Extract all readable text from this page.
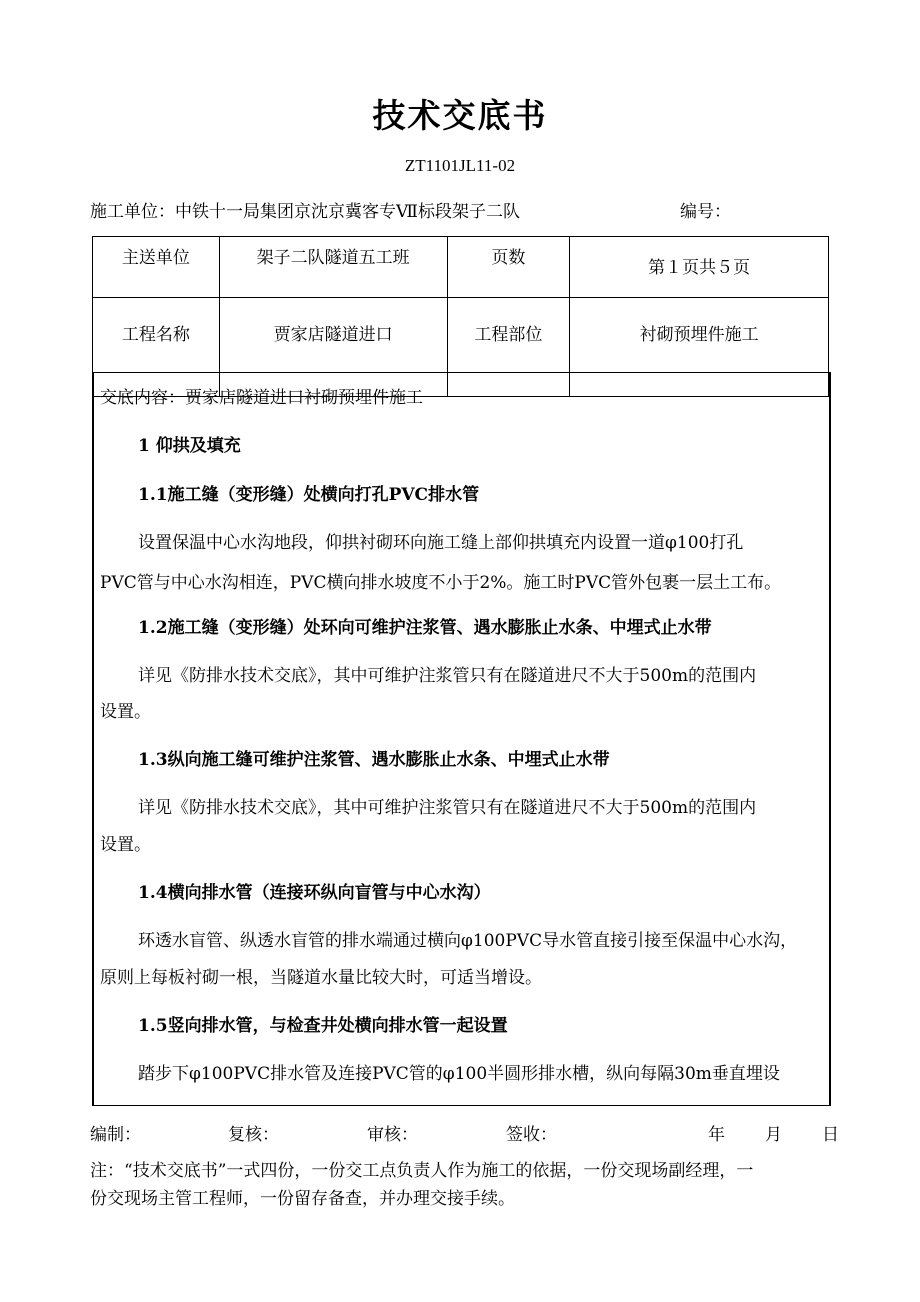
技术交底书
ZT1101JL11-02
施工单位：中铁十一局集团京沈京冀客专Ⅶ标段架子二队	编号：
主送单位	架子二队隧道五工班	页数	第１页共５页
工程名称	贾家店隧道进口	工程部位	衬砌预埋件施工
交底内容：贾家店隧道进口衬砌预埋件施工
1 仰拱及填充
1.1施工缝（变形缝）处横向打孔PVC排水管
设置保温中心水沟地段，仰拱衬砌环向施工缝上部仰拱填充内设置一道φ100打孔
PVC管与中心水沟相连，PVC横向排水坡度不小于2%。施工时PVC管外包裹一层土工布。
1.2施工缝（变形缝）处环向可维护注浆管、遇水膨胀止水条、中埋式止水带
详见《防排水技术交底》，其中可维护注浆管只有在隧道进尺不大于500m的范围内
设置。
1.3纵向施工缝可维护注浆管、遇水膨胀止水条、中埋式止水带
详见《防排水技术交底》，其中可维护注浆管只有在隧道进尺不大于500m的范围内
设置。
1.4横向排水管（连接环纵向盲管与中心水沟）
环透水盲管、纵透水盲管的排水端通过横向φ100PVC导水管直接引接至保温中心水沟，
原则上每板衬砌一根，当隧道水量比较大时，可适当增设。
1.5竖向排水管，与检查井处横向排水管一起设置
踏步下φ100PVC排水管及连接PVC管的φ100半圆形排水槽，纵向每隔30m垂直埋设
编制：	复核：	审核：	签收：	年 月 日
注：“技术交底书”一式四份，一份交工点负责人作为施工的依据，一份交现场副经理，一
份交现场主管工程师，一份留存备查，并办理交接手续。
